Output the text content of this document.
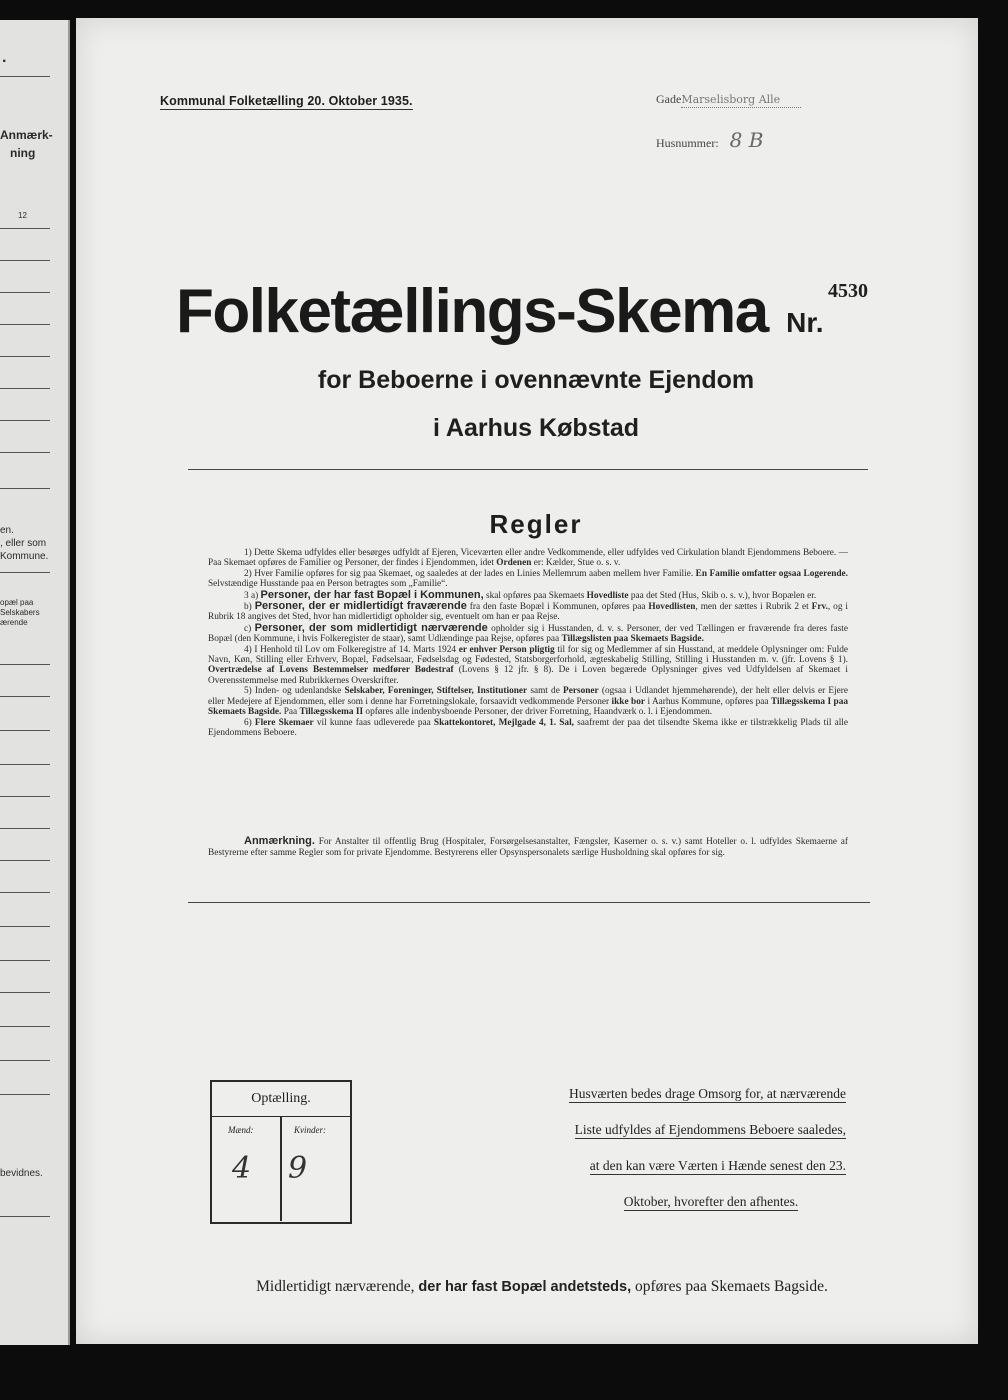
.
Anmærk-
ning
12
en.
, eller som
Kommune.
opæl paa
Selskabers
ærende
bevidnes.
Kommunal Folketælling 20. Oktober 1935.	GadeMarselisborg Alle
Husnummer: 8 B
Folketællings-Skema Nr. 4530
for Beboerne i ovennævnte Ejendom
i Aarhus Købstad
Regler

1) Dette Skema udfyldes eller besørges udfyldt af Ejeren, Viceværten eller andre Vedkommende, eller udfyldes ved Cirkulation blandt Ejendommens Beboere. — Paa Skemaet opføres de Familier og Personer, der findes i Ejendommen, idet Ordenen er: Kælder, Stue o. s. v.

2) Hver Familie opføres for sig paa Skemaet, og saaledes at der lades en Linies Mellemrum aaben mellem hver Familie. En Familie omfatter ogsaa Logerende. Selvstændige Husstande paa en Person betragtes som „Familie“.

3 a) Personer, der har fast Bopæl i Kommunen, skal opføres paa Skemaets Hovedliste paa det Sted (Hus, Skib o. s. v.), hvor Bopælen er.

b) Personer, der er midlertidigt fraværende fra den faste Bopæl i Kommunen, opføres paa Hovedlisten, men der sættes i Rubrik 2 et Frv., og i Rubrik 18 angives det Sted, hvor han midlertidigt opholder sig, eventuelt om han er paa Rejse.

c) Personer, der som midlertidigt nærværende opholder sig i Husstanden, d. v. s. Personer, der ved Tællingen er fraværende fra deres faste Bopæl (den Kommune, i hvis Folkeregister de staar), samt Udlændinge paa Rejse, opføres paa Tillægslisten paa Skemaets Bagside.

4) I Henhold til Lov om Folkeregistre af 14. Marts 1924 er enhver Person pligtig til for sig og Medlemmer af sin Husstand, at meddele Oplysninger om: Fulde Navn, Køn, Stilling eller Erhverv, Bopæl, Fødselsaar, Fødselsdag og Fødested, Statsborgerforhold, ægteskabelig Stilling, Stilling i Husstanden m. v. (jfr. Lovens § 1). Overtrædelse af Lovens Bestemmelser medfører Bødestraf (Lovens § 12 jfr. § 8). De i Loven begærede Oplysninger gives ved Udfyldelsen af Skemaet i Overensstemmelse med Rubrikkernes Overskrifter.

5) Inden- og udenlandske Selskaber, Foreninger, Stiftelser, Institutioner samt de Personer (ogsaa i Udlandet hjemmehørende), der helt eller delvis er Ejere eller Medejere af Ejendommen, eller som i denne har Forretningslokale, forsaavidt vedkommende Personer ikke bor i Aarhus Kommune, opføres paa Tillægsskema I paa Skemaets Bagside. Paa Tillægsskema II opføres alle indenbysboende Personer, der driver Forretning, Haandværk o. l. i Ejendommen.

6) Flere Skemaer vil kunne faas udleverede paa Skattekontoret, Mejlgade 4, 1. Sal, saafremt der paa det tilsendte Skema ikke er tilstrækkelig Plads til alle Ejendommens Beboere.

Anmærkning. For Anstalter til offentlig Brug (Hospitaler, Forsørgelsesanstalter, Fængsler, Kaserner o. s. v.) samt Hoteller o. l. udfyldes Skemaerne af Bestyrerne efter samme Regler som for private Ejendomme. Bestyrerens eller Opsynspersonalets særlige Husholdning skal opføres for sig.
Optælling.
Mænd:	Kvinder:
4 9
Husværten bedes drage Omsorg for, at nærværende
Liste udfyldes af Ejendommens Beboere saaledes,
at den kan være Værten i Hænde senest den 23.
Oktober, hvorefter den afhentes.
Midlertidigt nærværende, der har fast Bopæl andetsteds, opføres paa Skemaets Bagside.
